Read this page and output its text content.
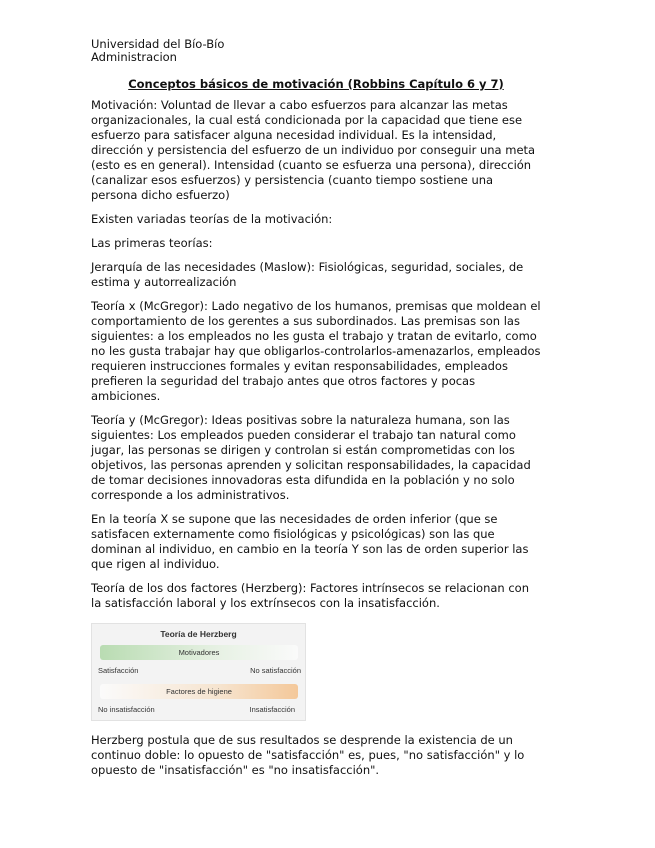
Universidad del Bío-Bío
Administracion
Conceptos básicos de motivación (Robbins Capítulo 6 y 7)

Motivación: Voluntad de llevar a cabo esfuerzos para alcanzar las metas organizacionales, la cual está condicionada por la capacidad que tiene ese esfuerzo para satisfacer alguna necesidad individual. Es la intensidad, dirección y persistencia del esfuerzo de un individuo por conseguir una meta (esto es en general). Intensidad (cuanto se esfuerza una persona), dirección (canalizar esos esfuerzos) y persistencia (cuanto tiempo sostiene una persona dicho esfuerzo)

Existen variadas teorías de la motivación:

Las primeras teorías:

Jerarquía de las necesidades (Maslow): Fisiológicas, seguridad, sociales, de estima y autorrealización

Teoría x (McGregor): Lado negativo de los humanos, premisas que moldean el comportamiento de los gerentes a sus subordinados. Las premisas son las siguientes: a los empleados no les gusta el trabajo y tratan de evitarlo, como no les gusta trabajar hay que obligarlos-controlarlos-amenazarlos, empleados requieren instrucciones formales y evitan responsabilidades, empleados prefieren la seguridad del trabajo antes que otros factores y pocas ambiciones.

Teoría y (McGregor): Ideas positivas sobre la naturaleza humana, son las siguientes: Los empleados pueden considerar el trabajo tan natural como jugar, las personas se dirigen y controlan si están comprometidas con los objetivos, las personas aprenden y solicitan responsabilidades, la capacidad de tomar decisiones innovadoras esta difundida en la población y no solo corresponde a los administrativos.

En la teoría X se supone que las necesidades de orden inferior (que se satisfacen externamente como fisiológicas y psicológicas) son las que dominan al individuo, en cambio en la teoría Y son las de orden superior las que rigen al individuo.

Teoría de los dos factores (Herzberg): Factores intrínsecos se relacionan con la satisfacción laboral y los extrínsecos con la insatisfacción.

Teoría de Herzberg
Motivadores
Satisfacción	No satisfacción
Factores de higiene
No insatisfacción	Insatisfacción

Herzberg postula que de sus resultados se desprende la existencia de un continuo doble: lo opuesto de "satisfacción" es, pues, "no satisfacción" y lo opuesto de "insatisfacción" es "no insatisfacción".
